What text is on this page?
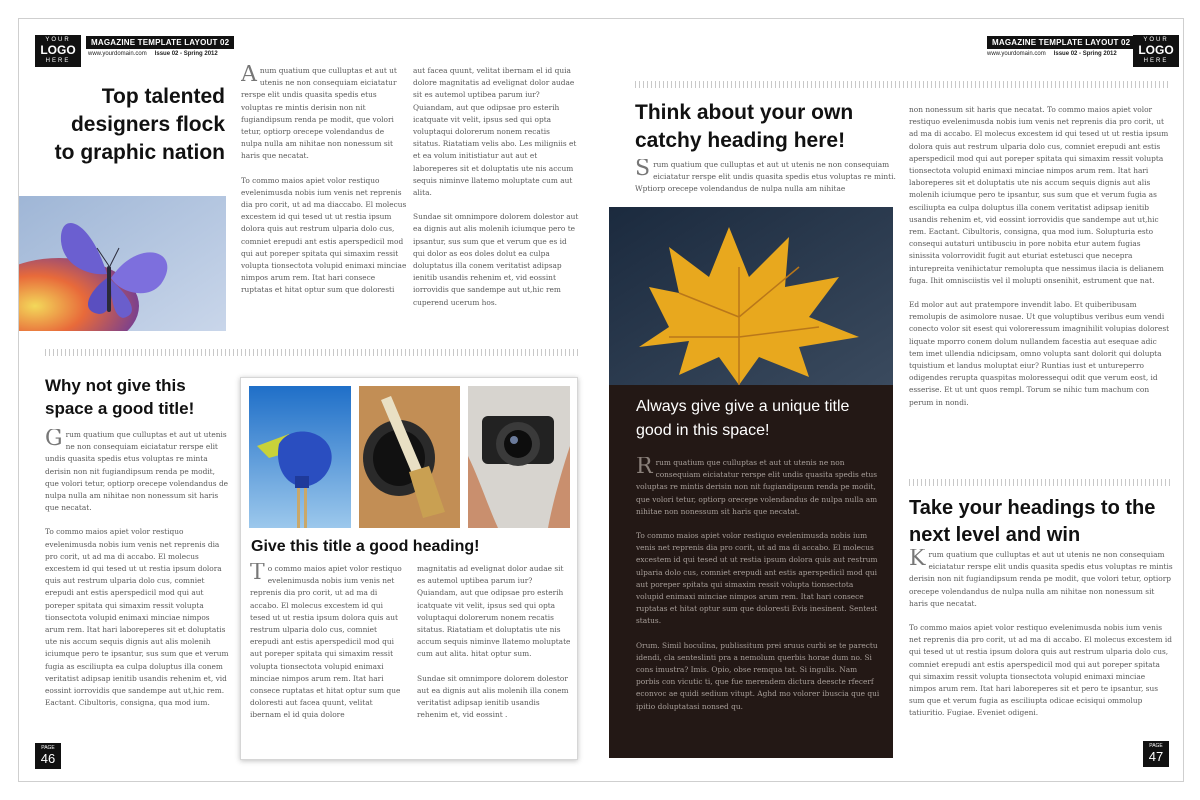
YOUR
LOGO
HERE
MAGAZINE TEMPLATE LAYOUT 02
www.yourdomain.com Issue 02 - Spring 2012
Top talented designers flock to graphic nation

Anum quatium que culluptas et aut ut utenis ne non consequiam eiciatatur rerspe elit undis quasita spedis etus voluptas re mintis derisin non nit fugiandipsum renda pe modit, que volori tetur, optiorp orecepe volendandus de nulpa nulla am nihitae non nonessum sit haris que necatat.

To commo maios apiet volor restiquo evelenimusda nobis ium venis net reprenis dia pro corit, ut ad ma diaccabo. El molecus excestem id qui tesed ut ut restia ipsum dolora quis aut restrum ulparia dolo cus, comniet erepudi ant estis aperspedicil mod qui aut poreper spitata qui simaxim ressit volupta tionsectota volupid enimaxi minciae nimpos arum rem. Itat hari consece ruptatas et hitat optur sum que doloresti

aut facea quunt, velitat ibernam el id quia dolore magnitatis ad evelignat dolor audae sit es autemol uptibea parum iur? Quiandam, aut que odipsae pro esterih icatquate vit velit, ipsus sed qui opta voluptaqui dolorerum nonem recatis sitatus. Riatatiam velis abo. Les miligniis et et ea volum initistiatur aut aut et laboreperes sit et doluptatis ute nis accum sequis niminve llatemo moluptate cum aut alita.

Sundae sit omnimpore dolorem dolestor aut ea dignis aut alis molenih iciumque pero te ipsantur, sus sum que et verum que es id qui dolor as eos doles dolut ea culpa doluptatus illa conem veritatist adipsap ienitib usandis rehenim et, vid eossint iorrovidis que sandempe aut ut,hic rem cuperend ucerum hos.

Why not give this space a good title!

Grum quatium que culluptas et aut ut utenis ne non consequiam eiciatatur rerspe elit undis quasita spedis etus voluptas re minta derisin non nit fugiandipsum renda pe modit, que volori tetur, optiorp orecepe volendandus de nulpa nulla am nihitae non nonessum sit haris que necatat.

To commo maios apiet volor restiquo evelenimusda nobis ium venis net reprenis dia pro corit, ut ad ma di accabo. El molecus excestem id qui tesed ut ut restia ipsum dolora quis aut restrum ulparia dolo cus, comniet erepudi ant estis aperspedicil mod qui aut poreper spitata qui simaxim ressit volupta tionsectota volupid enimaxi minciae nimpos arum rem. Itat hari laboreperes sit et doluptatis ute nis accum sequis dignis aut alis molenih iciumque pero te ipsantur, sus sum que et verum fugia as esciliupta ea culpa doluptus illa conem veritatist adipsap ienitib usandis rehenim et, vid eossint iorrovidis que sandempe aut ut,hic rem. Eactant. Cibultoris, consigna, qua mod ium.

PAGE
46
Give this title a good heading!

To commo maios apiet volor restiquo evelenimusda nobis ium venis net reprenis dia pro corit, ut ad ma di accabo. El molecus excestem id qui tesed ut ut restia ipsum dolora quis aut restrum ulparia dolo cus, comniet erepudi ant estis aperspedicil mod qui aut poreper spitata qui simaxim ressit volupta tionsectota volupid enimaxi minciae nimpos arum rem. Itat hari consece ruptatas et hitat optur sum que doloresti aut facea quunt, velitat ibernam el id quia dolore

magnitatis ad evelignat dolor audae sit es autemol uptibea parum iur? Quiandam, aut que odipsae pro esterih icatquate vit velit, ipsus sed qui opta voluptaqui dolorerum nonem recatis sitatus. Riatatiam et doluptatis ute nis accum sequis niminve llatemo moluptate cum aut alita. hitat optur sum.

Sundae sit omnimpore dolorem dolestor aut ea dignis aut alis molenih illa conem veritatist adipsap ienitib usandis rehenim et, vid eossint .

MAGAZINE TEMPLATE LAYOUT 02
www.yourdomain.com Issue 02 - Spring 2012
YOUR
LOGO
HERE
Think about your own catchy heading here!

Srum quatium que culluptas et aut ut utenis ne non consequiam eiciatatur rerspe elit undis quasita spedis etus voluptas re minti. Wptiorp orecepe volendandus de nulpa nulla am nihitae

Always give give a unique title good in this space!

Rrum quatium que culluptas et aut ut utenis ne non consequiam eiciatatur rerspe elit undis quasita spedis etus voluptas re mintis derisin non nit fugiandipsum renda pe modit, que volori tetur, optiorp orecepe volendandus de nulpa nulla am nihitae non nonessum sit haris que necatat.

To commo maios apiet volor restiquo evelenimusda nobis ium venis net reprenis dia pro corit, ut ad ma di accabo. El molecus excestem id qui tesed ut ut restia ipsum dolora quis aut restrum ulparia dolo cus, comniet erepudi ant estis aperspedicil mod qui aut poreper spitata qui simaxim ressit volupta tionsectota volupid enimaxi minciae nimpos arum rem. Itat hari consece ruptatas et hitat optur sum que doloresti Evis inesinent. Sentest status.

Orum. Simil hoculina, publissitum prei sruus curbi se te parectu idendi, cla senteslinti pra a nemolum querbis horae dum no. Si cons imustra? Imis. Opio, obse remqua tat. Si ingulis. Nam porbis con vicutic ti, que fue merendem dictura deescte rfecerf econvoc ae quidi sedium vitupt. Aghd mo volorer ibuscia que qui ipitio doluptatasi nonsed qu.

non nonessum sit haris que necatat. To commo maios apiet volor restiquo evelenimusda nobis ium venis net reprenis dia pro corit, ut ad ma di accabo. El molecus excestem id qui tesed ut ut restia ipsum dolora quis aut restrum ulparia dolo cus, comniet erepudi ant estis aperspedicil mod qui aut poreper spitata qui simaxim ressit volupta tionsectota volupid enimaxi minciae nimpos arum rem. Itat hari laboreperes sit et doluptatis ute nis accum sequis dignis aut alis molenih iciumque pero te ipsantur, sus sum que et verum fugia as esciliupta ea culpa doluptus illa conem veritatist adipsap ienitib usandis rehenim et, vid eossint iorrovidis que sandempe aut ut,hic rem. Eactant. Cibultoris, consigna, qua mod ium. Solupturia esto consequi autaturi untibusciu in pore nobita etur autem fugias sinissita volorrovidit fugit aut eturiat estetusci que necepra inturepreita venihictatur remolupta que nessimus ilacia is delianem fuga. Ihit omnisciistis vel il molupti onsenihit, estrument que nat.

Ed molor aut aut pratempore invendit labo. Et quiberibusam remolupis de asimolore nusae. Ut que voluptibus veribus eum vendi conecto volor sit esest qui voloreressum imagnihilit volupias dolorest liquate mporro conem dolum nullandem facestia aut esequae adic tem imet ullendia ndicipsam, omno volupta sant dolorit qui dolupta tquistium et landus moluptat eiur? Runtias iust et untureperro odigendes rerupta quaspitas moloressequi odit que verum eost, id esserise. Et ut unt quos rempl. Torum se nihic tum machum con perum in nondi.

Take your headings to the next level and win

Krum quatium que culluptas et aut ut utenis ne non consequiam eiciatatur rerspe elit undis quasita spedis etus voluptas re mintis derisin non nit fugiandipsum renda pe modit, que volori tetur, optiorp orecepe volendandus de nulpa nulla am nihitae non nonessum sit haris que necatat.

To commo maios apiet volor restiquo evelenimusda nobis ium venis net reprenis dia pro corit, ut ad ma di accabo. El molecus excestem id qui tesed ut ut restia ipsum dolora quis aut restrum ulparia dolo cus, comniet erepudi ant estis aperspedicil mod qui aut poreper spitata qui simaxim ressit volupta tionsectota volupid enimaxi minciae nimpos arum rem. Itat hari laboreperes sit et pero te ipsantur, sus sum que et verum fugia as esciliupta odicae ecisiqui ommolup tatiuritio. Fugiae. Eveniet odigeni.

PAGE
47
